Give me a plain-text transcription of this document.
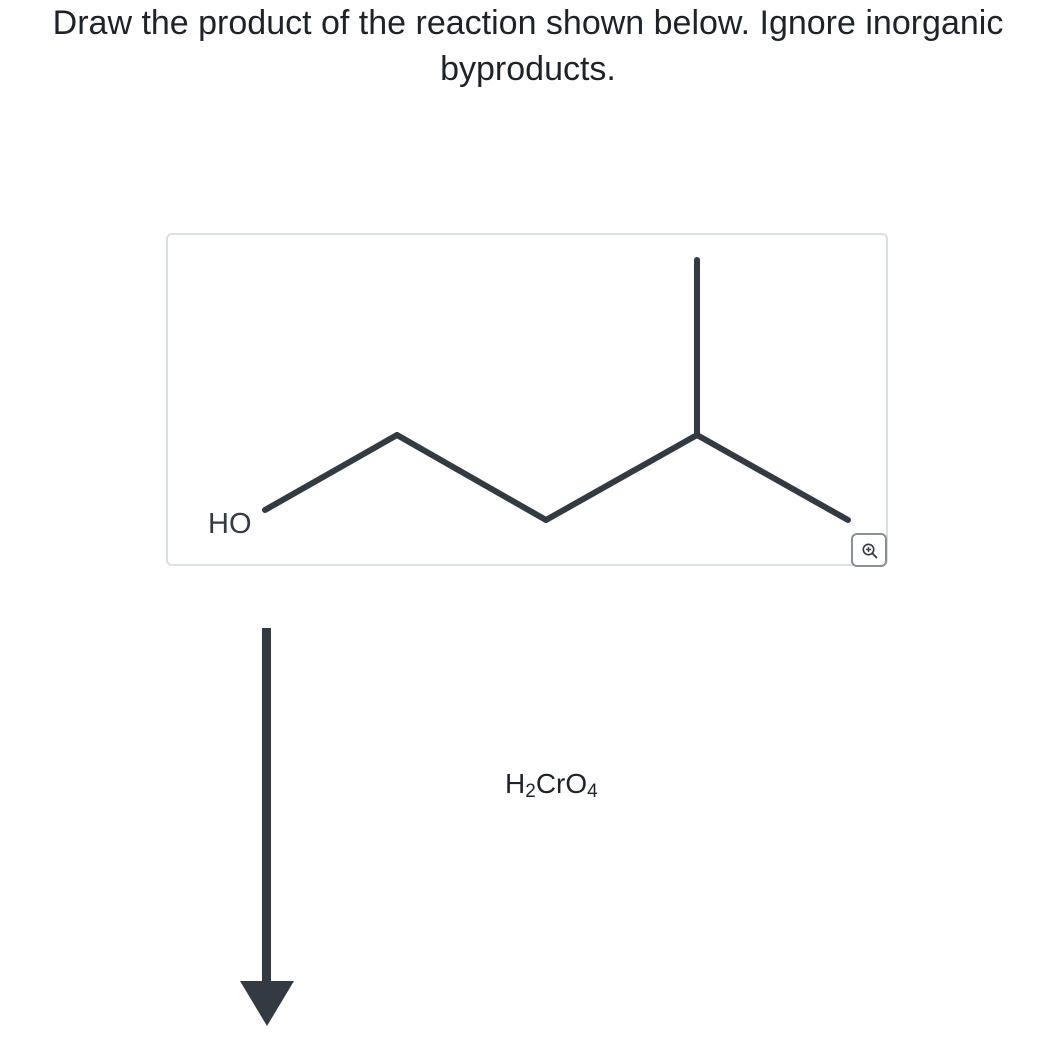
Draw the product of the reaction shown below. Ignore inorganic

byproducts.

HO
$H_2CrO_4$
